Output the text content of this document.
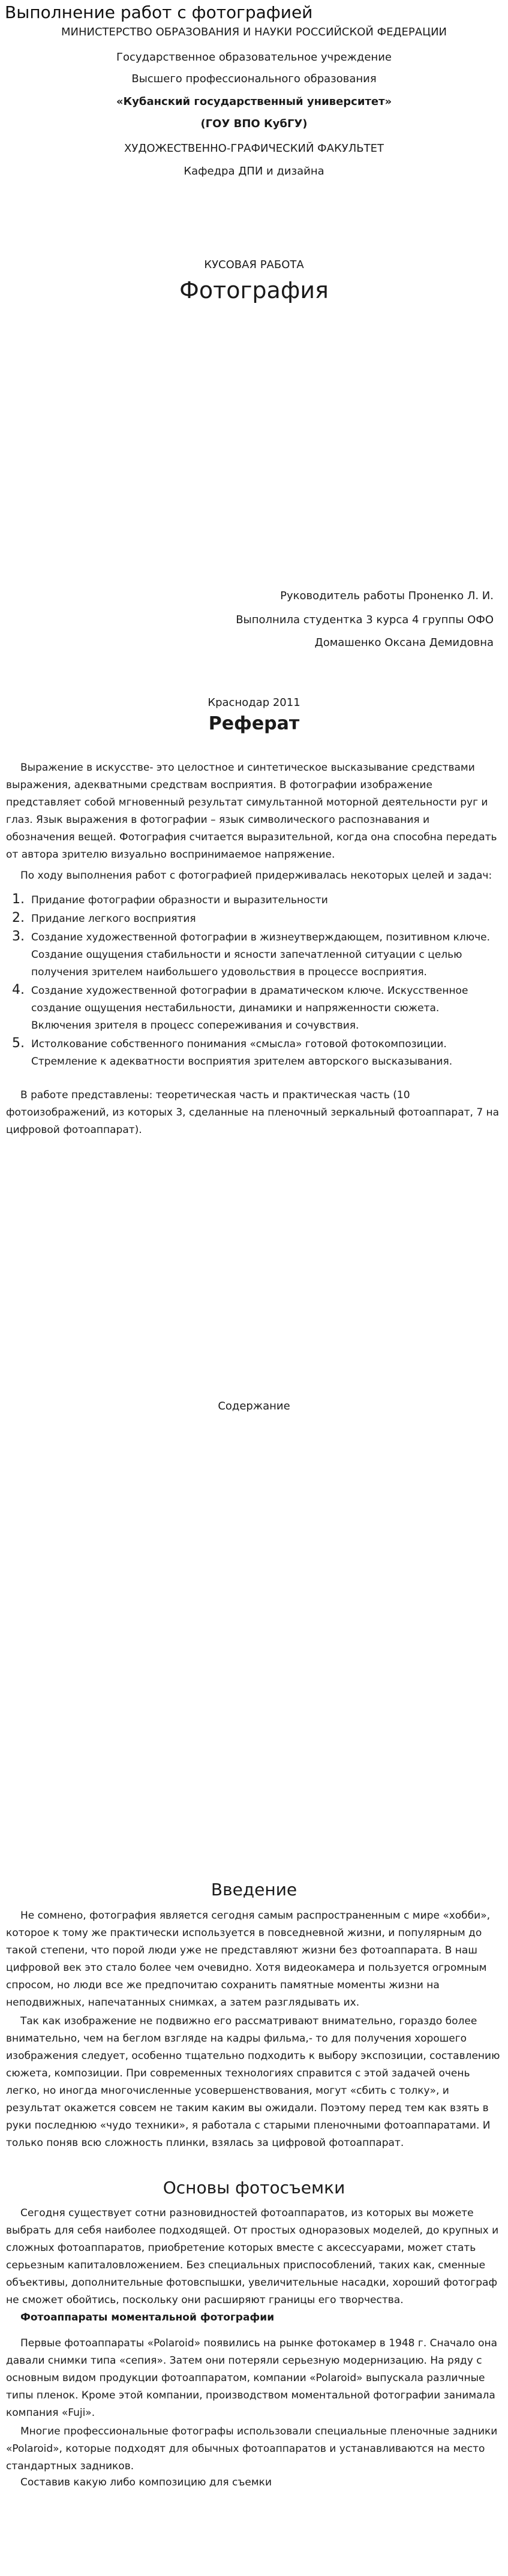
Выполнение работ с фотографией

МИНИСТЕРСТВО ОБРАЗОВАНИЯ И НАУКИ РОССИЙСКОЙ ФЕДЕРАЦИИ

Государственное образовательное учреждение

Высшего профессионального образования

«Кубанский государственный университет»

(ГОУ ВПО КубГУ)

ХУДОЖЕСТВЕННО-ГРАФИЧЕСКИЙ ФАКУЛЬТЕТ

Кафедра ДПИ и дизайна

КУСОВАЯ РАБОТА

Фотография

Руководитель работы Проненко Л. И.

Выполнила студентка 3 курса 4 группы ОФО

Домашенко Оксана Демидовна

Краснодар 2011

Реферат

Выражение в искусстве- это целостное и синтетическое высказывание средствами выражения, адекватными средствам восприятия. В фотографии изображение представляет собой мгновенный результат симультанной моторной деятельности руг и глаз. Язык выражения в фотографии – язык символического распознавания и обозначения вещей. Фотография считается выразительной, когда она способна передать от автора зрителю визуально воспринимаемое напряжение.

По ходу выполнения работ с фотографией придерживалась некоторых целей и задач:

1. Придание фотографии образности и выразительности
2. Придание легкого восприятия
3. Создание художественной фотографии в жизнеутверждающем, позитивном ключе. Создание ощущения стабильности и ясности запечатленной ситуации с целью получения зрителем наибольшего удовольствия в процессе восприятия.
4. Создание художественной фотографии в драматическом ключе. Искусственное создание ощущения нестабильности, динамики и напряженности сюжета. Включения зрителя в процесс сопереживания и сочувствия.
5. Истолкование собственного понимания «смысла» готовой фотокомпозиции. Стремление к адекватности восприятия зрителем авторского высказывания.

В работе представлены: теоретическая часть и практическая часть (10 фотоизображений, из которых 3, сделанные на пленочный зеркальный фотоаппарат, 7 на цифровой фотоаппарат).

Содержание

Введение

Не сомнено, фотография является сегодня самым распространенным с мире «хобби», которое к тому же практически используется в повседневной жизни, и популярным до такой степени, что порой люди уже не представляют жизни без фотоаппарата. В наш цифровой век это стало более чем очевидно. Хотя видеокамера и пользуется огромным спросом, но люди все же предпочитаю сохранить памятные моменты жизни на неподвижных, напечатанных снимках, а затем разглядывать их.

Так как изображение не подвижно его рассматривают внимательно, гораздо более внимательно, чем на беглом взгляде на кадры фильма,- то для получения хорошего изображения следует, особенно тщательно подходить к выбору экспозиции, составлению сюжета, композиции. При современных технологиях справится с этой задачей очень легко, но иногда многочисленные усовершенствования, могут «сбить с толку», и результат окажется совсем не таким каким вы ожидали. Поэтому перед тем как взять в руки последнюю «чудо техники», я работала с старыми пленочными фотоаппаратами. И только поняв всю сложность плинки, взялась за цифровой фотоаппарат.

Основы фотосъемки

Сегодня существует сотни разновидностей фотоаппаратов, из которых вы можете выбрать для себя наиболее подходящей. От простых одноразовых моделей, до крупных и сложных фотоаппаратов, приобретение которых вместе с аксессуарами, может стать серьезным капиталовложением. Без специальных приспособлений, таких как, сменные объективы, дополнительные фотовспышки, увеличительные насадки, хороший фотограф не сможет обойтись, поскольку они расширяют границы его творчества.

Фотоаппараты моментальной фотографии

Первые фотоаппараты «Polaroid» появились на рынке фотокамер в 1948 г. Сначало она давали снимки типа «сепия». Затем они потеряли серьезную модернизацию. На ряду с основным видом продукции фотоаппаратом, компании «Polaroid» выпускала различные типы пленок. Кроме этой компании, производством моментальной фотографии занимала компания «Fuji».

Многие профессиональные фотографы использовали специальные пленочные задники «Polaroid», которые подходят для обычных фотоаппаратов и устанавливаются на место стандартных задников.

Составив какую либо композицию для съемки
